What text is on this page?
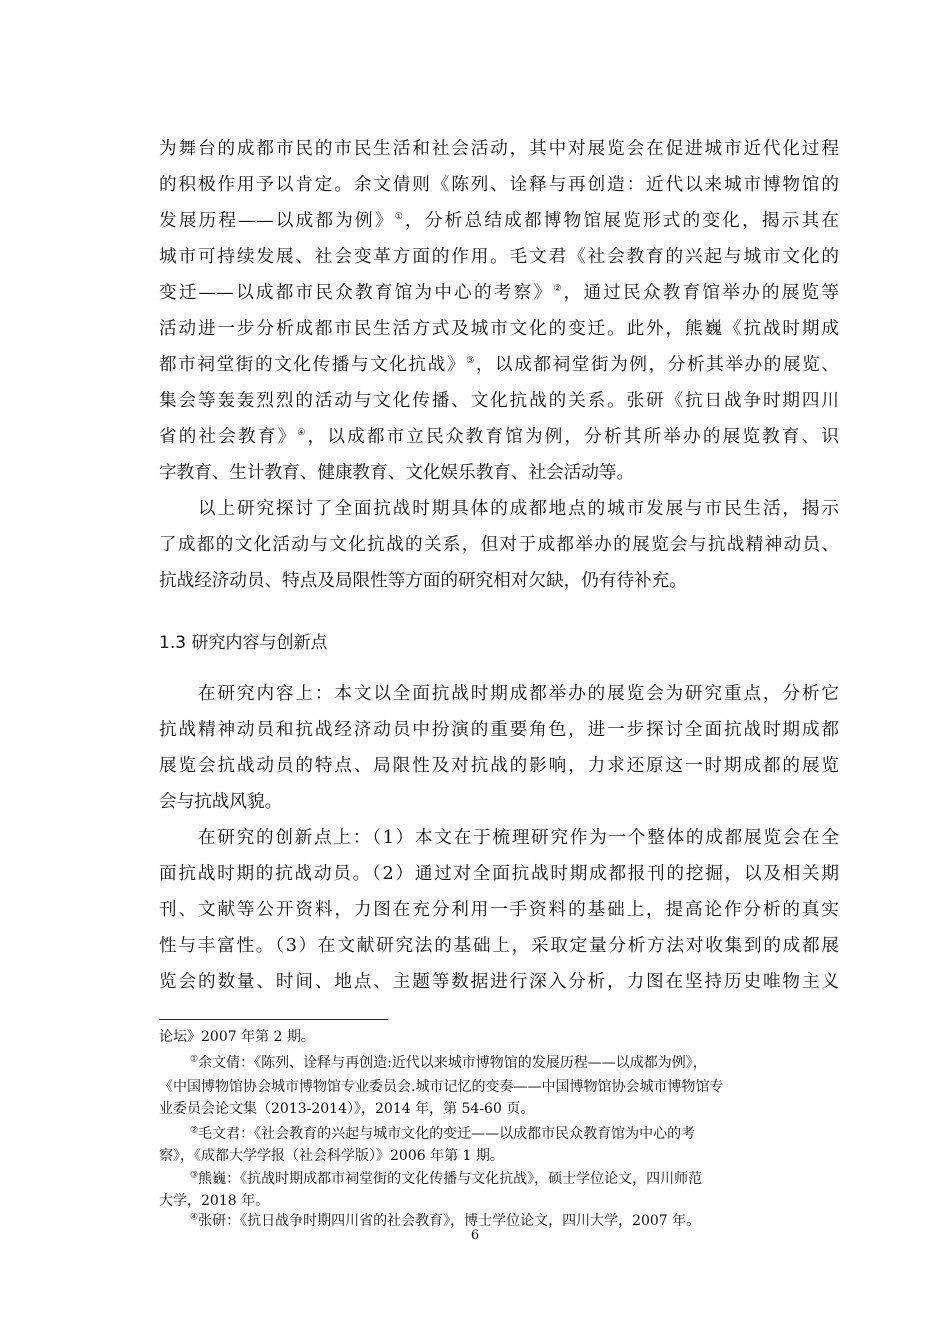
为舞台的成都市民的市民生活和社会活动，其中对展览会在促进城市近代化过程
的积极作用予以肯定。余文倩则《陈列、诠释与再创造：近代以来城市博物馆的
发展历程——以成都为例》①，分析总结成都博物馆展览形式的变化，揭示其在
城市可持续发展、社会变革方面的作用。毛文君《社会教育的兴起与城市文化的
变迁——以成都市民众教育馆为中心的考察》②，通过民众教育馆举办的展览等
活动进一步分析成都市民生活方式及城市文化的变迁。此外，熊巍《抗战时期成
都市祠堂街的文化传播与文化抗战》③，以成都祠堂街为例，分析其举办的展览、
集会等轰轰烈烈的活动与文化传播、文化抗战的关系。张研《抗日战争时期四川
省的社会教育》④，以成都市立民众教育馆为例，分析其所举办的展览教育、识
字教育、生计教育、健康教育、文化娱乐教育、社会活动等。
以上研究探讨了全面抗战时期具体的成都地点的城市发展与市民生活，揭示
了成都的文化活动与文化抗战的关系，但对于成都举办的展览会与抗战精神动员、
抗战经济动员、特点及局限性等方面的研究相对欠缺，仍有待补充。
1.3 研究内容与创新点
在研究内容上：本文以全面抗战时期成都举办的展览会为研究重点，分析它
抗战精神动员和抗战经济动员中扮演的重要角色，进一步探讨全面抗战时期成都
展览会抗战动员的特点、局限性及对抗战的影响，力求还原这一时期成都的展览
会与抗战风貌。
在研究的创新点上：（1）本文在于梳理研究作为一个整体的成都展览会在全
面抗战时期的抗战动员。（2）通过对全面抗战时期成都报刊的挖掘，以及相关期
刊、文献等公开资料，力图在充分利用一手资料的基础上，提高论作分析的真实
性与丰富性。（3）在文献研究法的基础上，采取定量分析方法对收集到的成都展
览会的数量、时间、地点、主题等数据进行深入分析，力图在坚持历史唯物主义
论坛》2007 年第 2 期。
①余文倩：《陈列、诠释与再创造:近代以来城市博物馆的发展历程——以成都为例》，
《中国博物馆协会城市博物馆专业委员会.城市记忆的变奏——中国博物馆协会城市博物馆专
业委员会论文集（2013-2014）》，2014 年，第 54-60 页。
②毛文君：《社会教育的兴起与城市文化的变迁——以成都市民众教育馆为中心的考
察》，《成都大学学报（社会科学版）》2006 年第 1 期。
③熊巍：《抗战时期成都市祠堂街的文化传播与文化抗战》，硕士学位论文，四川师范
大学，2018 年。
④张研：《抗日战争时期四川省的社会教育》，博士学位论文，四川大学，2007 年。
6
